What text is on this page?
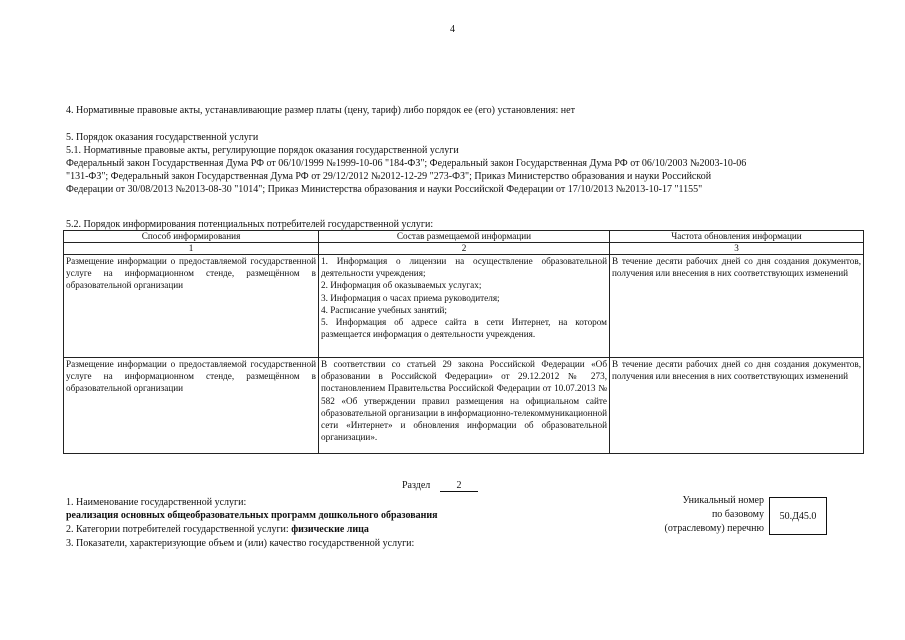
4
4. Нормативные правовые акты, устанавливающие размер платы (цену, тариф) либо порядок ее (его) установления: нет
5. Порядок оказания государственной услуги
5.1. Нормативные правовые акты, регулирующие порядок оказания государственной услуги
Федеральный закон Государственная Дума РФ от 06/10/1999 №1999-10-06 "184-ФЗ"; Федеральный закон Государственная Дума РФ от 06/10/2003 №2003-10-06
"131-ФЗ"; Федеральный закон Государственная Дума РФ от 29/12/2012 №2012-12-29 "273-ФЗ"; Приказ Министерство образования и науки Российской
Федерации от 30/08/2013 №2013-08-30 "1014"; Приказ Министерства образования и науки Российской Федерации от 17/10/2013 №2013-10-17 "1155"
5.2. Порядок информирования потенциальных потребителей государственной услуги:
Способ информирования	Состав размещаемой информации	Частота обновления информации
1	2	3
Размещение информации о предоставляемой государственной услуге на информационном стенде, размещённом в образовательной организации	1. Информация о лицензии на осуществление образовательной деятельности учреждения;
2. Информация об оказываемых услугах;
3. Информация о часах приема руководителя;
4. Расписание учебных занятий;
5. Информация об адресе сайта в сети Интернет, на котором размещается информация о деятельности учреждения.	В течение десяти рабочих дней со дня создания документов, получения или внесения в них соответствующих изменений
Размещение информации о предоставляемой государственной услуге на информационном стенде, размещённом в образовательной организации	В соответствии со статьей 29 закона Российской Федерации «Об образовании в Российской Федерации» от 29.12.2012 № 273, постановлением Правительства Российской Федерации от 10.07.2013 № 582 «Об утверждении правил размещения на официальном сайте образовательной организации в информационно-телекоммуникационной сети «Интернет» и обновления информации об образовательной организации».	В течение десяти рабочих дней со дня создания документов, получения или внесения в них соответствующих изменений
Раздел	2
1. Наименование государственной услуги:
реализация основных общеобразовательных программ дошкольного образования
2. Категории потребителей государственной услуги: физические лица
3. Показатели, характеризующие объем и (или) качество государственной услуги:
Уникальный номер
по базовому
(отраслевому) перечню
50.Д45.0
